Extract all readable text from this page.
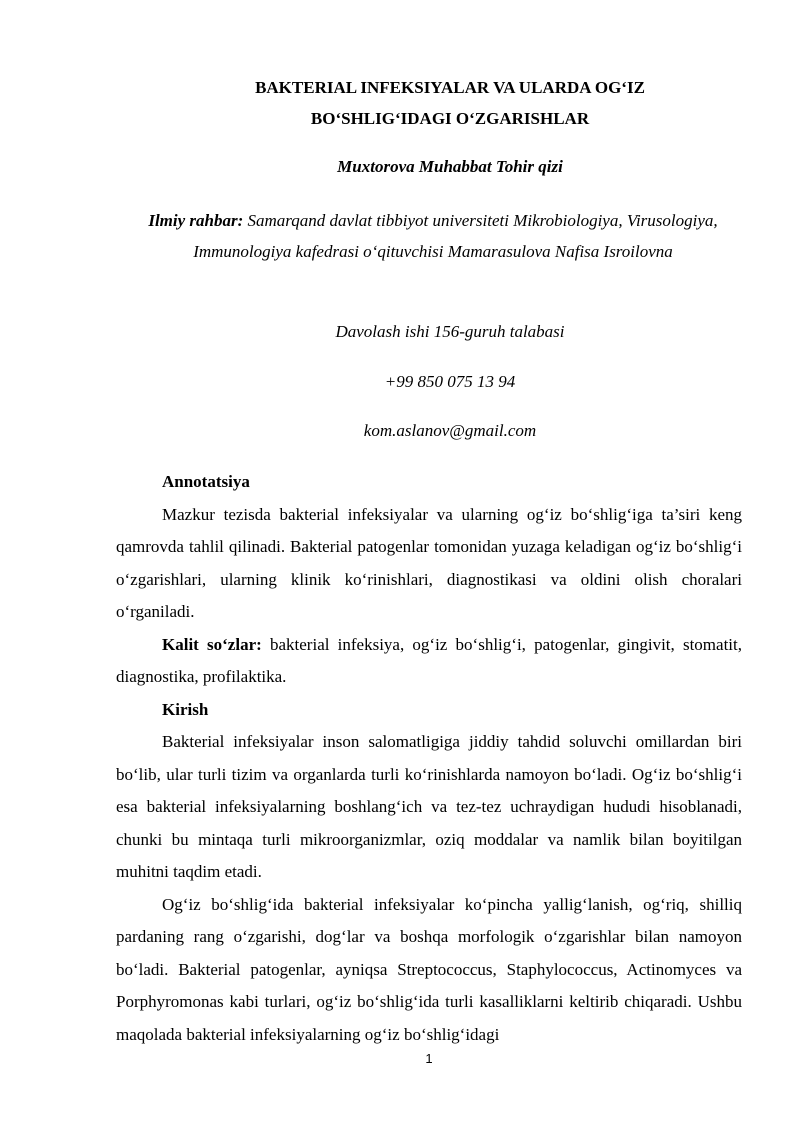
BAKTERIAL INFEKSIYALAR VA ULARDA OG‘IZ
BO‘SHLIG‘IDAGI O‘ZGARISHLAR
Muxtorova Muhabbat Tohir qizi
Ilmiy rahbar: Samarqand davlat tibbiyot universiteti Mikrobiologiya, Virusologiya, Immunologiya kafedrasi o‘qituvchisi Mamarasulova Nafisa Isroilovna
Davolash ishi 156-guruh talabasi
+99 850 075 13 94
kom.aslanov@gmail.com

Annotatsiya

Mazkur tezisda bakterial infeksiyalar va ularning og‘iz bo‘shlig‘iga ta’siri keng qamrovda tahlil qilinadi. Bakterial patogenlar tomonidan yuzaga keladigan og‘iz bo‘shlig‘i o‘zgarishlari, ularning klinik ko‘rinishlari, diagnostikasi va oldini olish choralari o‘rganiladi.

Kalit so‘zlar: bakterial infeksiya, og‘iz bo‘shlig‘i, patogenlar, gingivit, stomatit, diagnostika, profilaktika.

Kirish

Bakterial infeksiyalar inson salomatligiga jiddiy tahdid soluvchi omillardan biri bo‘lib, ular turli tizim va organlarda turli ko‘rinishlarda namoyon bo‘ladi. Og‘iz bo‘shlig‘i esa bakterial infeksiyalarning boshlang‘ich va tez-tez uchraydigan hududi hisoblanadi, chunki bu mintaqa turli mikroorganizmlar, oziq moddalar va namlik bilan boyitilgan muhitni taqdim etadi.

Og‘iz bo‘shlig‘ida bakterial infeksiyalar ko‘pincha yallig‘lanish, og‘riq, shilliq pardaning rang o‘zgarishi, dog‘lar va boshqa morfologik o‘zgarishlar bilan namoyon bo‘ladi. Bakterial patogenlar, ayniqsa Streptococcus, Staphylococcus, Actinomyces va Porphyromonas kabi turlari, og‘iz bo‘shlig‘ida turli kasalliklarni keltirib chiqaradi. Ushbu maqolada bakterial infeksiyalarning og‘iz bo‘shlig‘idagi

1
